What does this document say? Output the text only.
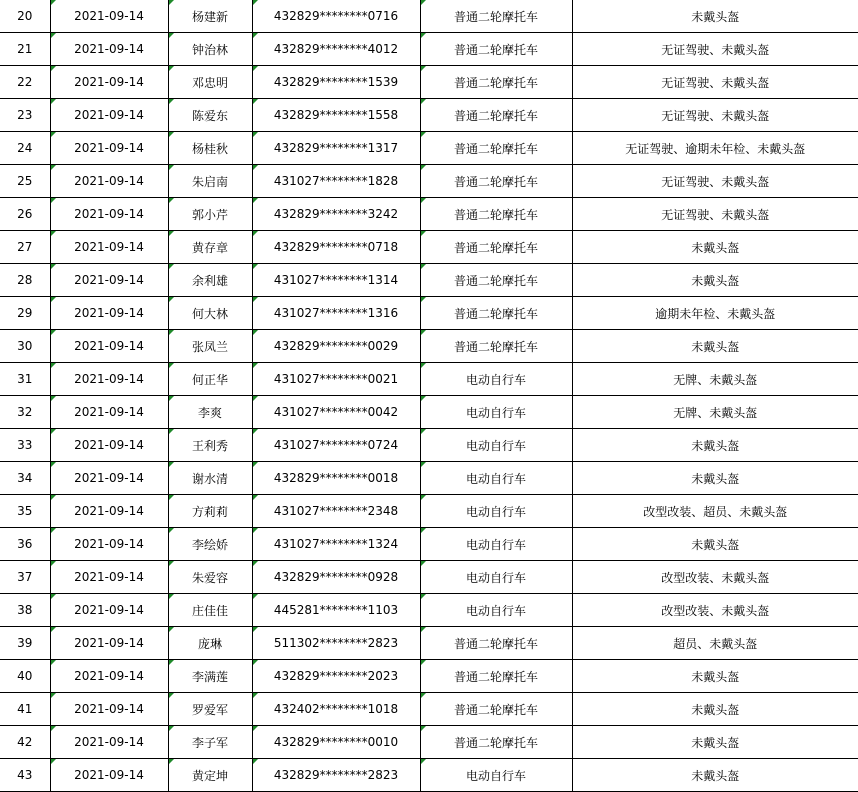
20	2021-09-14	杨建新	432829********0716	普通二轮摩托车	未戴头盔
21	2021-09-14	钟治林	432829********4012	普通二轮摩托车	无证驾驶、未戴头盔
22	2021-09-14	邓忠明	432829********1539	普通二轮摩托车	无证驾驶、未戴头盔
23	2021-09-14	陈爱东	432829********1558	普通二轮摩托车	无证驾驶、未戴头盔
24	2021-09-14	杨桂秋	432829********1317	普通二轮摩托车	无证驾驶、逾期未年检、未戴头盔
25	2021-09-14	朱启南	431027********1828	普通二轮摩托车	无证驾驶、未戴头盔
26	2021-09-14	郭小芹	432829********3242	普通二轮摩托车	无证驾驶、未戴头盔
27	2021-09-14	黄存章	432829********0718	普通二轮摩托车	未戴头盔
28	2021-09-14	余利雄	431027********1314	普通二轮摩托车	未戴头盔
29	2021-09-14	何大林	431027********1316	普通二轮摩托车	逾期未年检、未戴头盔
30	2021-09-14	张凤兰	432829********0029	普通二轮摩托车	未戴头盔
31	2021-09-14	何正华	431027********0021	电动自行车	无牌、未戴头盔
32	2021-09-14	李爽	431027********0042	电动自行车	无牌、未戴头盔
33	2021-09-14	王利秀	431027********0724	电动自行车	未戴头盔
34	2021-09-14	谢水清	432829********0018	电动自行车	未戴头盔
35	2021-09-14	方莉莉	431027********2348	电动自行车	改型改装、超员、未戴头盔
36	2021-09-14	李绘娇	431027********1324	电动自行车	未戴头盔
37	2021-09-14	朱爱容	432829********0928	电动自行车	改型改装、未戴头盔
38	2021-09-14	庄佳佳	445281********1103	电动自行车	改型改装、未戴头盔
39	2021-09-14	庞琳	511302********2823	普通二轮摩托车	超员、未戴头盔
40	2021-09-14	李满莲	432829********2023	普通二轮摩托车	未戴头盔
41	2021-09-14	罗爱军	432402********1018	普通二轮摩托车	未戴头盔
42	2021-09-14	李子军	432829********0010	普通二轮摩托车	未戴头盔
43	2021-09-14	黄定坤	432829********2823	电动自行车	未戴头盔
